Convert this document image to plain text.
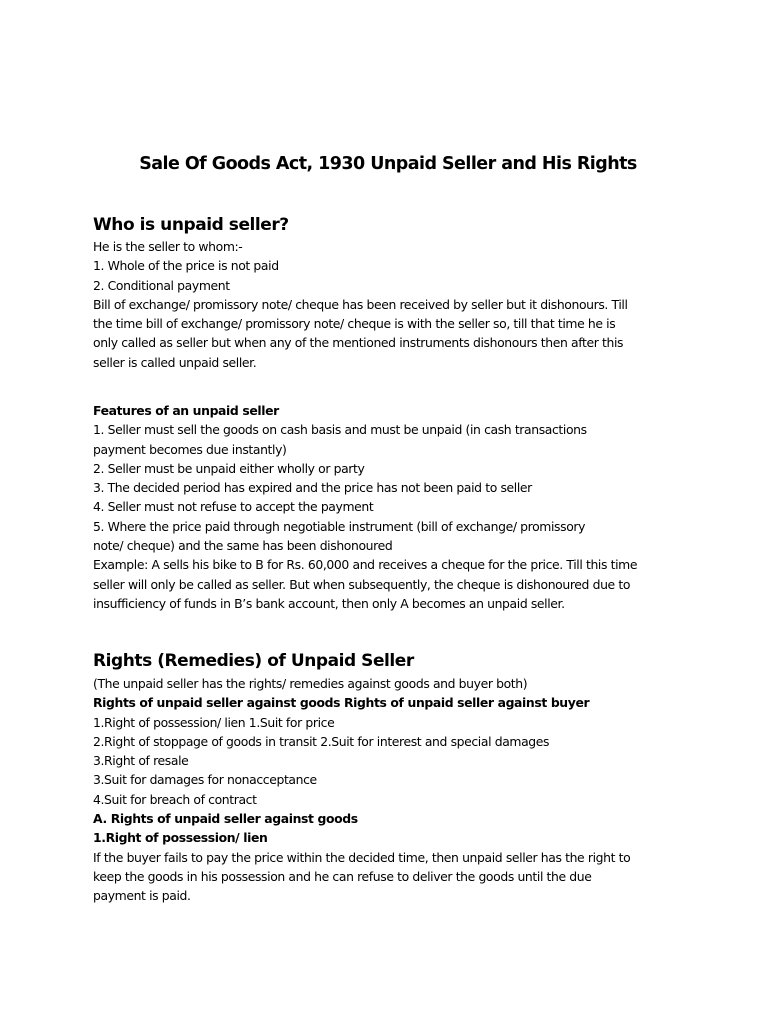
Sale Of Goods Act, 1930 Unpaid Seller and His Rights
Who is unpaid seller?
He is the seller to whom:-
1. Whole of the price is not paid
2. Conditional payment
Bill of exchange/ promissory note/ cheque has been received by seller but it dishonours. Till
the time bill of exchange/ promissory note/ cheque is with the seller so, till that time he is
only called as seller but when any of the mentioned instruments dishonours then after this
seller is called unpaid seller.
Features of an unpaid seller
1. Seller must sell the goods on cash basis and must be unpaid (in cash transactions
payment becomes due instantly)
2. Seller must be unpaid either wholly or party
3. The decided period has expired and the price has not been paid to seller
4. Seller must not refuse to accept the payment
5. Where the price paid through negotiable instrument (bill of exchange/ promissory
note/ cheque) and the same has been dishonoured
Example: A sells his bike to B for Rs. 60,000 and receives a cheque for the price. Till this time
seller will only be called as seller. But when subsequently, the cheque is dishonoured due to
insufficiency of funds in B’s bank account, then only A becomes an unpaid seller.
Rights (Remedies) of Unpaid Seller
(The unpaid seller has the rights/ remedies against goods and buyer both)
Rights of unpaid seller against goods Rights of unpaid seller against buyer
1.Right of possession/ lien 1.Suit for price
2.Right of stoppage of goods in transit 2.Suit for interest and special damages
3.Right of resale
3.Suit for damages for nonacceptance
4.Suit for breach of contract
A. Rights of unpaid seller against goods
1.Right of possession/ lien
If the buyer fails to pay the price within the decided time, then unpaid seller has the right to
keep the goods in his possession and he can refuse to deliver the goods until the due
payment is paid.
